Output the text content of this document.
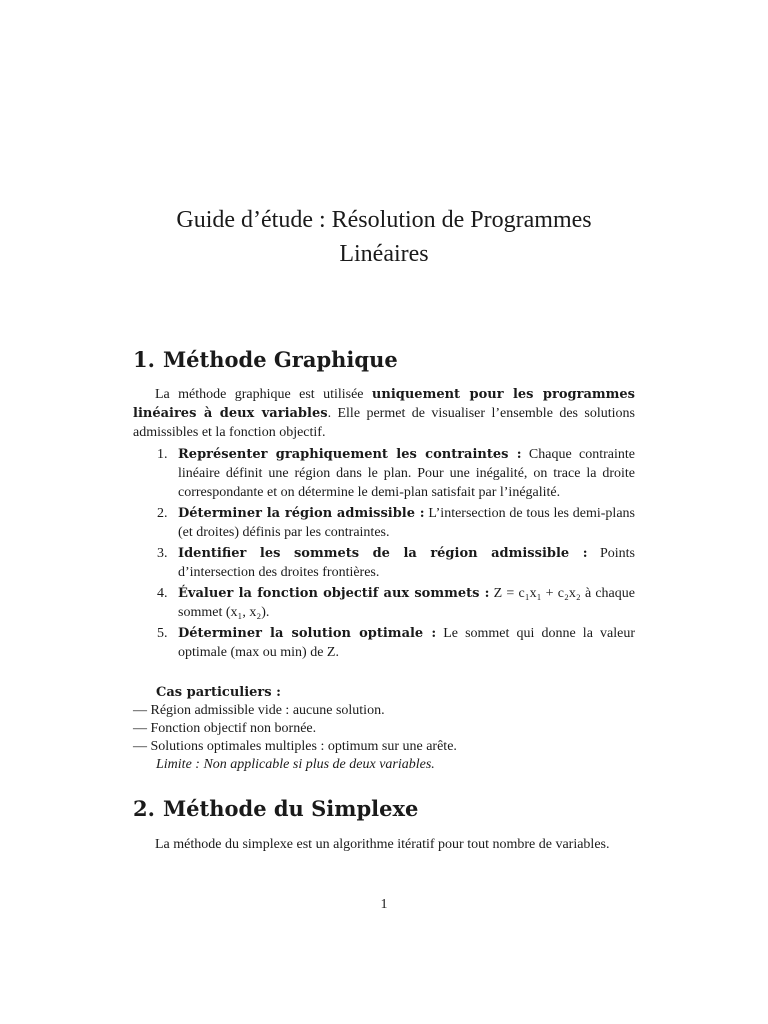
Guide d’étude : Résolution de Programmes
Linéaires
1. Méthode Graphique
La méthode graphique est utilisée uniquement pour les programmes linéaires à deux variables. Elle permet de visualiser l’ensemble des solutions admissibles et la fonction objectif.
1. Représenter graphiquement les contraintes : Chaque contrainte linéaire définit une région dans le plan. Pour une inégalité, on trace la droite correspondante et on détermine le demi-plan satisfait par l’inégalité.
2. Déterminer la région admissible : L’intersection de tous les demi-plans (et droites) définis par les contraintes.
3. Identifier les sommets de la région admissible : Points d’intersection des droites frontières.
4. Évaluer la fonction objectif aux sommets : Z = c₁x₁ + c₂x₂ à chaque sommet (x₁, x₂).
5. Déterminer la solution optimale : Le sommet qui donne la valeur optimale (max ou min) de Z.
Cas particuliers :
— Région admissible vide : aucune solution.
— Fonction objectif non bornée.
— Solutions optimales multiples : optimum sur une arête.
Limite : Non applicable si plus de deux variables.
2. Méthode du Simplexe
La méthode du simplexe est un algorithme itératif pour tout nombre de variables.
1
